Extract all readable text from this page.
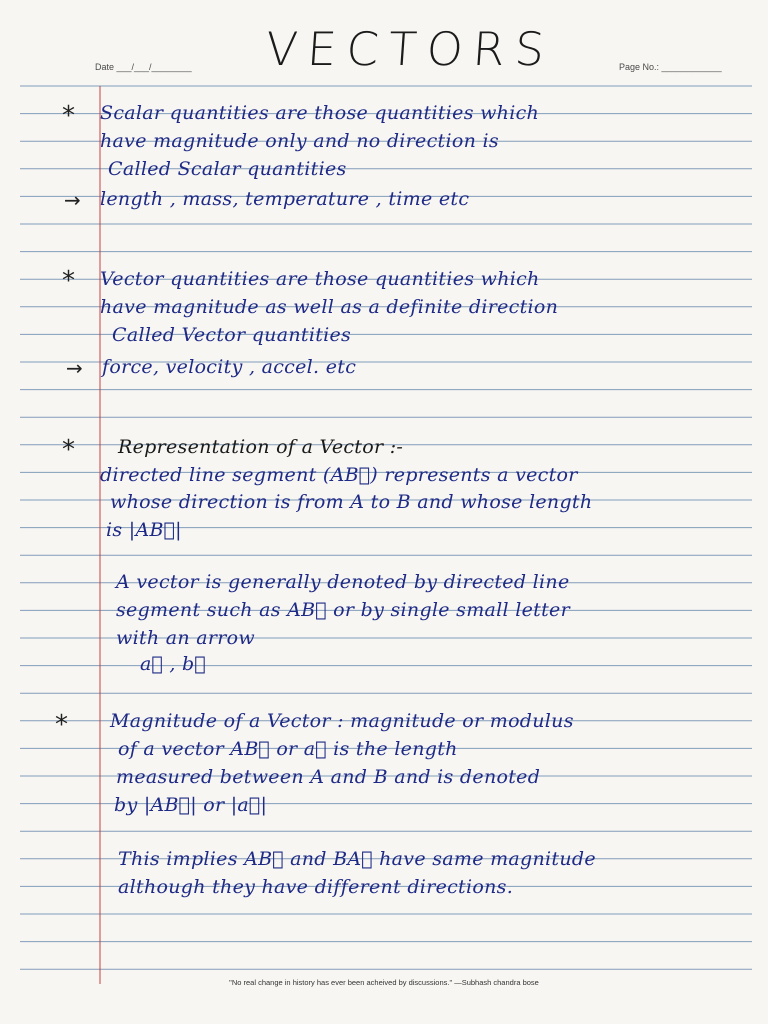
VECTORS
Date ___/___/________	Page No.: ____________
* Scalar quantities are those quantities which
have magnitude only and no direction is
Called Scalar quantities
→ length , mass, temperature , time etc
* Vector quantities are those quantities which
have magnitude as well as a definite direction
Called Vector quantities
→ force, velocity , accel. etc
* Representation of a Vector :-
directed line segment (AB⃗) represents a vector
whose direction is from A to B and whose length
is |AB⃗|
A vector is generally denoted by directed line
segment such as AB⃗ or by single small letter
with an arrow
a⃗ , b⃗
* Magnitude of a Vector : magnitude or modulus
of a vector AB⃗ or a⃗ is the length
measured between A and B and is denoted
by |AB⃗| or |a⃗|
This implies AB⃗ and BA⃗ have same magnitude
although they have different directions.
"No real change in history has ever been acheived by discussions." —Subhash chandra bose
